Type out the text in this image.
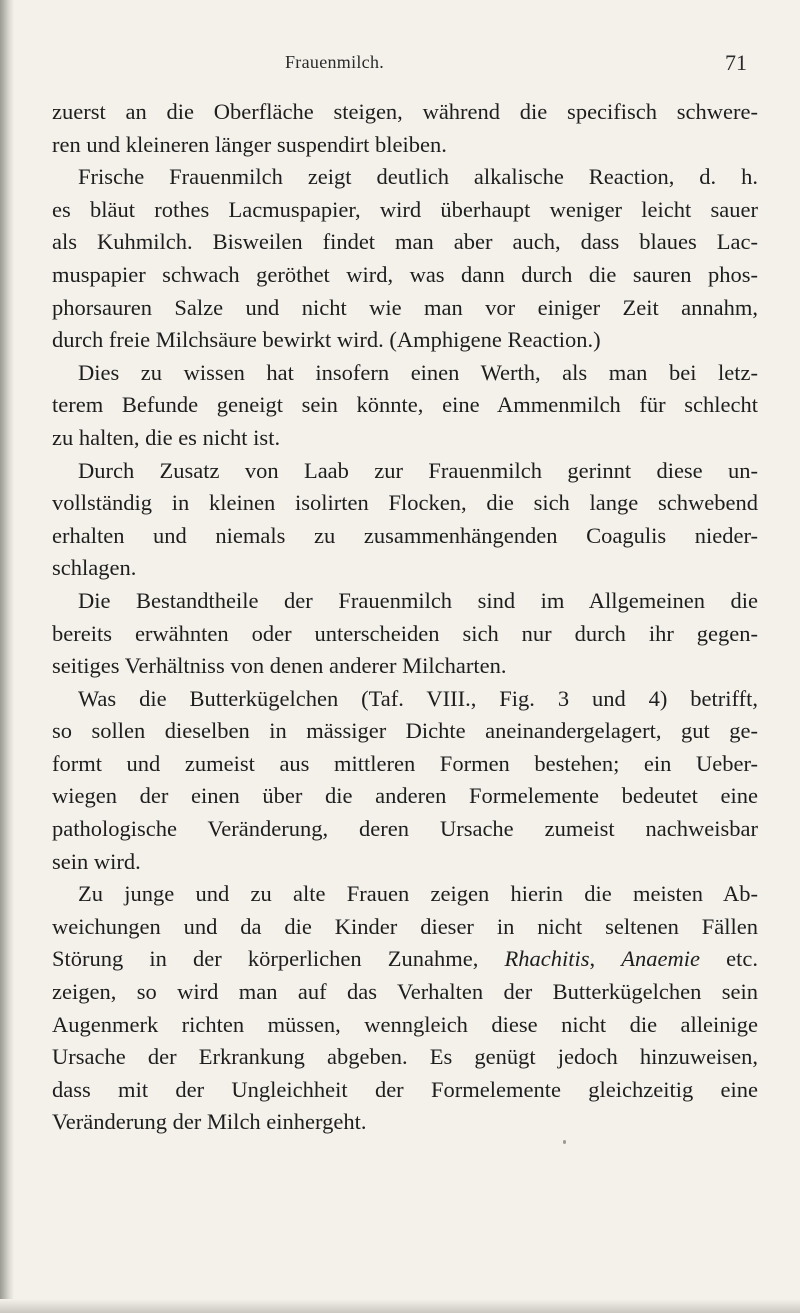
Frauenmilch.	71
zuerst an die Oberfläche steigen, während die specifisch schwere-
ren und kleineren länger suspendirt bleiben.
Frische Frauenmilch zeigt deutlich alkalische Reaction, d. h.
es bläut rothes Lacmuspapier, wird überhaupt weniger leicht sauer
als Kuhmilch. Bisweilen findet man aber auch, dass blaues Lac-
muspapier schwach geröthet wird, was dann durch die sauren phos-
phorsauren Salze und nicht wie man vor einiger Zeit annahm,
durch freie Milchsäure bewirkt wird. (Amphigene Reaction.)
Dies zu wissen hat insofern einen Werth, als man bei letz-
terem Befunde geneigt sein könnte, eine Ammenmilch für schlecht
zu halten, die es nicht ist.
Durch Zusatz von Laab zur Frauenmilch gerinnt diese un-
vollständig in kleinen isolirten Flocken, die sich lange schwebend
erhalten und niemals zu zusammenhängenden Coagulis nieder-
schlagen.
Die Bestandtheile der Frauenmilch sind im Allgemeinen die
bereits erwähnten oder unterscheiden sich nur durch ihr gegen-
seitiges Verhältniss von denen anderer Milcharten.
Was die Butterkügelchen (Taf. VIII., Fig. 3 und 4) betrifft,
so sollen dieselben in mässiger Dichte aneinandergelagert, gut ge-
formt und zumeist aus mittleren Formen bestehen; ein Ueber-
wiegen der einen über die anderen Formelemente bedeutet eine
pathologische Veränderung, deren Ursache zumeist nachweisbar
sein wird.
Zu junge und zu alte Frauen zeigen hierin die meisten Ab-
weichungen und da die Kinder dieser in nicht seltenen Fällen
Störung in der körperlichen Zunahme, Rhachitis, Anaemie etc.
zeigen, so wird man auf das Verhalten der Butterkügelchen sein
Augenmerk richten müssen, wenngleich diese nicht die alleinige
Ursache der Erkrankung abgeben. Es genügt jedoch hinzuweisen,
dass mit der Ungleichheit der Formelemente gleichzeitig eine
Veränderung der Milch einhergeht.
